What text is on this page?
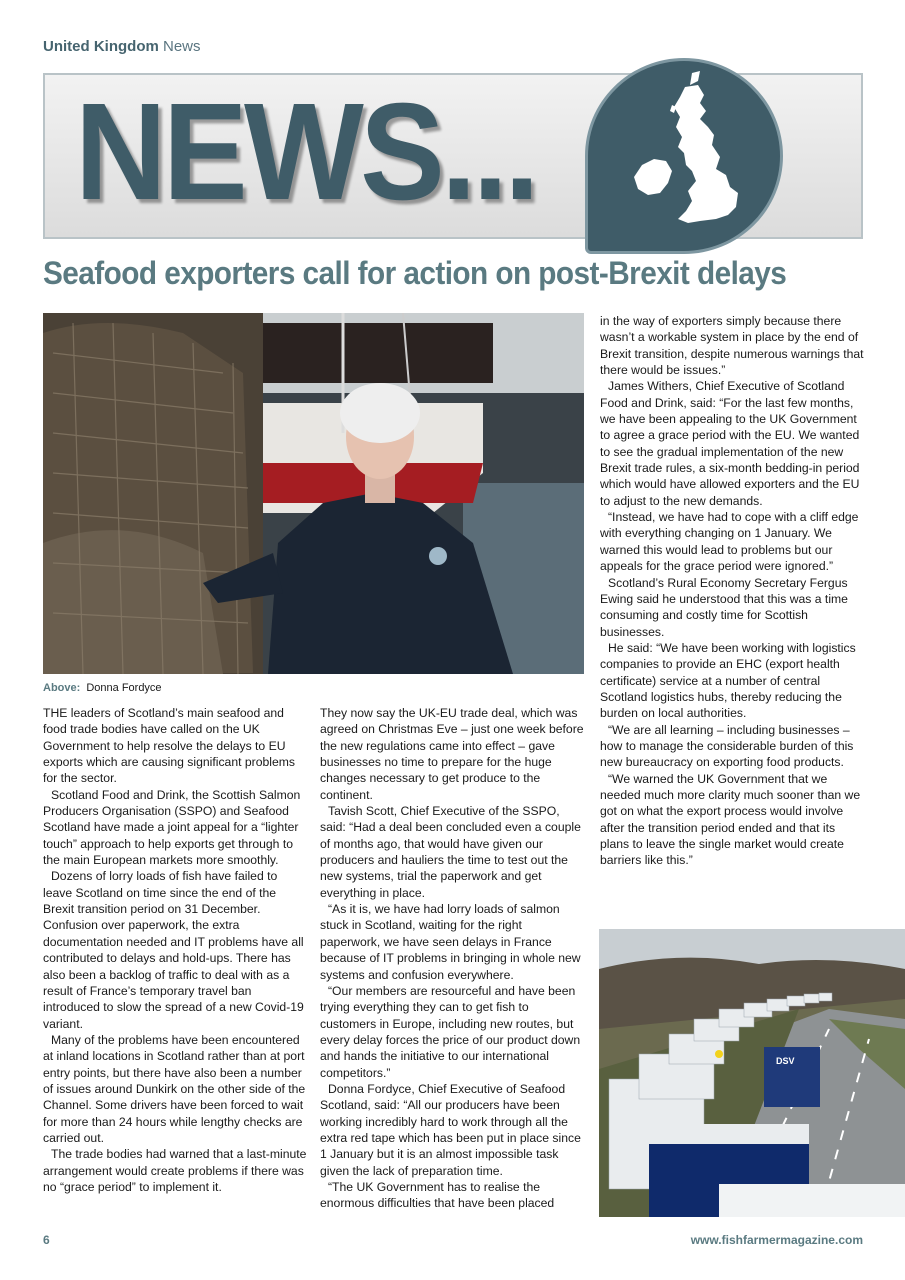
United Kingdom News
NEWS...
Seafood exporters call for action on post-Brexit delays
Above: Donna Fordyce

THE leaders of Scotland’s main seafood and food trade bodies have called on the UK Government to help resolve the delays to EU exports which are causing significant problems for the sector.

Scotland Food and Drink, the Scottish Salmon Producers Organisation (SSPO) and Seafood Scotland have made a joint appeal for a “lighter touch” approach to help exports get through to the main European markets more smoothly.

Dozens of lorry loads of fish have failed to leave Scotland on time since the end of the Brexit transition period on 31 December. Confusion over paperwork, the extra documentation needed and IT problems have all contributed to delays and hold-ups. There has also been a backlog of traffic to deal with as a result of France’s temporary travel ban introduced to slow the spread of a new Covid-19 variant.

Many of the problems have been encountered at inland locations in Scotland rather than at port entry points, but there have also been a number of issues around Dunkirk on the other side of the Channel. Some drivers have been forced to wait for more than 24 hours while lengthy checks are carried out.

The trade bodies had warned that a last-minute arrangement would create problems if there was no “grace period” to implement it.

They now say the UK-EU trade deal, which was agreed on Christmas Eve – just one week before the new regulations came into effect – gave businesses no time to prepare for the huge changes necessary to get produce to the continent.

Tavish Scott, Chief Executive of the SSPO, said: “Had a deal been concluded even a couple of months ago, that would have given our producers and hauliers the time to test out the new systems, trial the paperwork and get everything in place.

“As it is, we have had lorry loads of salmon stuck in Scotland, waiting for the right paperwork, we have seen delays in France because of IT problems in bringing in whole new systems and confusion everywhere.

“Our members are resourceful and have been trying everything they can to get fish to customers in Europe, including new routes, but every delay forces the price of our product down and hands the initiative to our international competitors.”

Donna Fordyce, Chief Executive of Seafood Scotland, said: “All our producers have been working incredibly hard to work through all the extra red tape which has been put in place since 1 January but it is an almost impossible task given the lack of preparation time.

“The UK Government has to realise the enormous difficulties that have been placed

in the way of exporters simply because there wasn’t a workable system in place by the end of Brexit transition, despite numerous warnings that there would be issues.”

James Withers, Chief Executive of Scotland Food and Drink, said: “For the last few months, we have been appealing to the UK Government to agree a grace period with the EU. We wanted to see the gradual implementation of the new Brexit trade rules, a six-month bedding-in period which would have allowed exporters and the EU to adjust to the new demands.

“Instead, we have had to cope with a cliff edge with everything changing on 1 January. We warned this would lead to problems but our appeals for the grace period were ignored.”

Scotland’s Rural Economy Secretary Fergus Ewing said he understood that this was a time consuming and costly time for Scottish businesses.

He said: “We have been working with logistics companies to provide an EHC (export health certificate) service at a number of central Scotland logistics hubs, thereby reducing the burden on local authorities.

“We are all learning – including businesses – how to manage the considerable burden of this new bureaucracy on exporting food products.

“We warned the UK Government that we needed much more clarity much sooner than we got on what the export process would involve after the transition period ended and that its plans to leave the single market would create barriers like this.”

DSV
6	www.fishfarmermagazine.com
